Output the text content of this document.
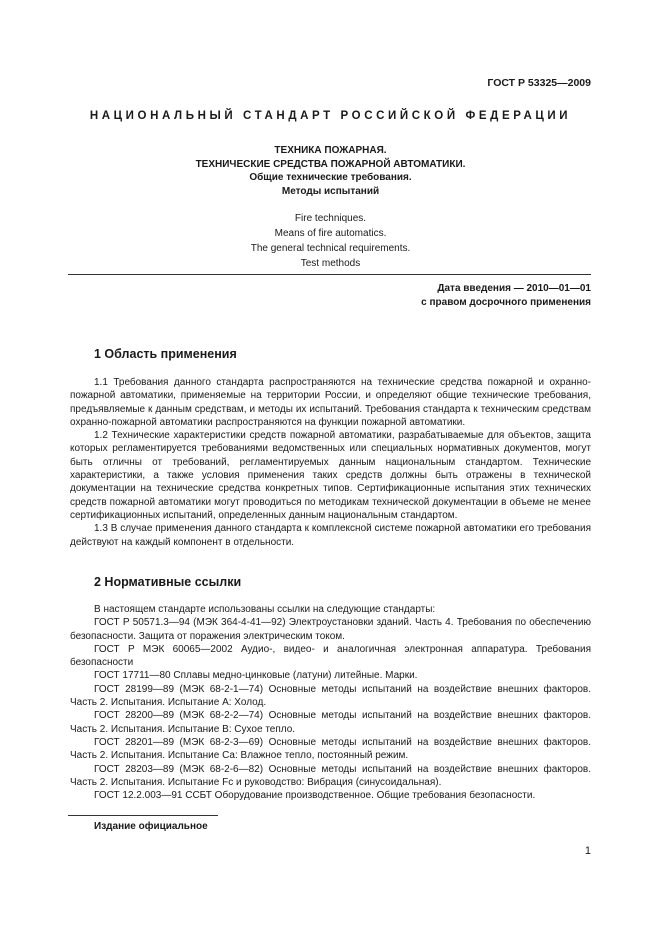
ГОСТ Р 53325—2009
НАЦИОНАЛЬНЫЙ СТАНДАРТ РОССИЙСКОЙ ФЕДЕРАЦИИ
ТЕХНИКА ПОЖАРНАЯ.
ТЕХНИЧЕСКИЕ СРЕДСТВА ПОЖАРНОЙ АВТОМАТИКИ.
Общие технические требования.
Методы испытаний
Fire techniques.
Means of fire automatics.
The general technical requirements.
Test methods
Дата введения — 2010—01—01
с правом досрочного применения
1 Область применения

1.1 Требования данного стандарта распространяются на технические средства пожарной и охранно-пожарной автоматики, применяемые на территории России, и определяют общие технические требования, предъявляемые к данным средствам, и методы их испытаний. Требования стандарта к техническим средствам охранно-пожарной автоматики распространяются на функции пожарной автоматики.

1.2 Технические характеристики средств пожарной автоматики, разрабатываемые для объектов, защита которых регламентируется требованиями ведомственных или специальных нормативных документов, могут быть отличны от требований, регламентируемых данным национальным стандартом. Технические характеристики, а также условия применения таких средств должны быть отражены в технической документации на технические средства конкретных типов. Сертификационные испытания этих технических средств пожарной автоматики могут проводиться по методикам технической документации в объеме не менее сертификационных испытаний, определенных данным национальным стандартом.

1.3 В случае применения данного стандарта к комплексной системе пожарной автоматики его требования действуют на каждый компонент в отдельности.

2 Нормативные ссылки

В настоящем стандарте использованы ссылки на следующие стандарты:

ГОСТ Р 50571.3—94 (МЭК 364-4-41—92) Электроустановки зданий. Часть 4. Требования по обеспечению безопасности. Защита от поражения электрическим током.

ГОСТ Р МЭК 60065—2002 Аудио-, видео- и аналогичная электронная аппаратура. Требования безопасности

ГОСТ 17711—80 Сплавы медно-цинковые (латуни) литейные. Марки.

ГОСТ 28199—89 (МЭК 68-2-1—74) Основные методы испытаний на воздействие внешних факторов. Часть 2. Испытания. Испытание А: Холод.

ГОСТ 28200—89 (МЭК 68-2-2—74) Основные методы испытаний на воздействие внешних факторов. Часть 2. Испытания. Испытание В: Сухое тепло.

ГОСТ 28201—89 (МЭК 68-2-3—69) Основные методы испытаний на воздействие внешних факторов. Часть 2. Испытания. Испытание Са: Влажное тепло, постоянный режим.

ГОСТ 28203—89 (МЭК 68-2-6—82) Основные методы испытаний на воздействие внешних факторов. Часть 2. Испытания. Испытание Fc и руководство: Вибрация (синусоидальная).

ГОСТ 12.2.003—91 ССБТ Оборудование производственное. Общие требования безопасности.

Издание официальное
1
